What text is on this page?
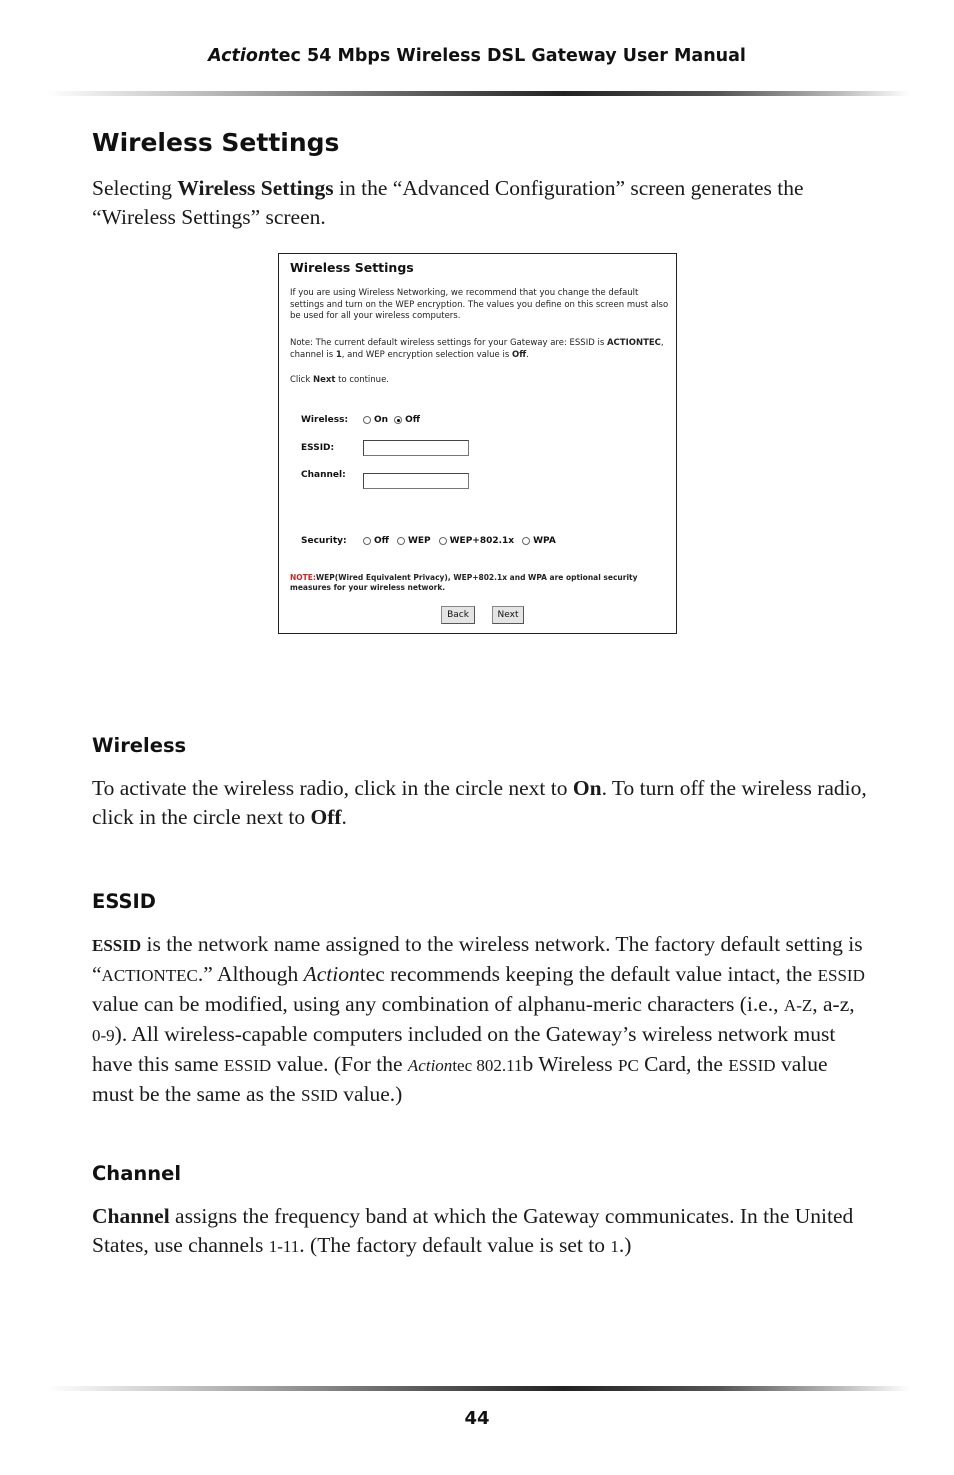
Actiontec 54 Mbps Wireless DSL Gateway User Manual
Wireless Settings
Selecting Wireless Settings in the “Advanced Configuration” screen generates the “Wireless Settings” screen.
Wireless Settings
If you are using Wireless Networking, we recommend that you change the default settings and turn on the WEP encryption. The values you define on this screen must also be used for all your wireless computers.
Note: The current default wireless settings for your Gateway are: ESSID is ACTIONTEC, channel is 1, and WEP encryption selection value is Off.
Click Next to continue.
Wireless:	On Off
ESSID:
Channel:
Security:	Off WEP WEP+802.1x WPA
NOTE:WEP(Wired Equivalent Privacy), WEP+802.1x and WPA are optional security measures for your wireless network.
Back	Next
Wireless
To activate the wireless radio, click in the circle next to On. To turn off the wireless radio, click in the circle next to Off.
ESSID
ESSID is the network name assigned to the wireless network. The factory default setting is “ACTIONTEC.” Although Actiontec recommends keeping the default value intact, the ESSID value can be modified, using any combination of alphanu-meric characters (i.e., A-Z, a-z, 0-9). All wireless-capable computers included on the Gateway’s wireless network must have this same ESSID value. (For the Actiontec 802.11b Wireless PC Card, the ESSID value must be the same as the SSID value.)
Channel
Channel assigns the frequency band at which the Gateway communicates. In the United States, use channels 1-11. (The factory default value is set to 1.)
44
